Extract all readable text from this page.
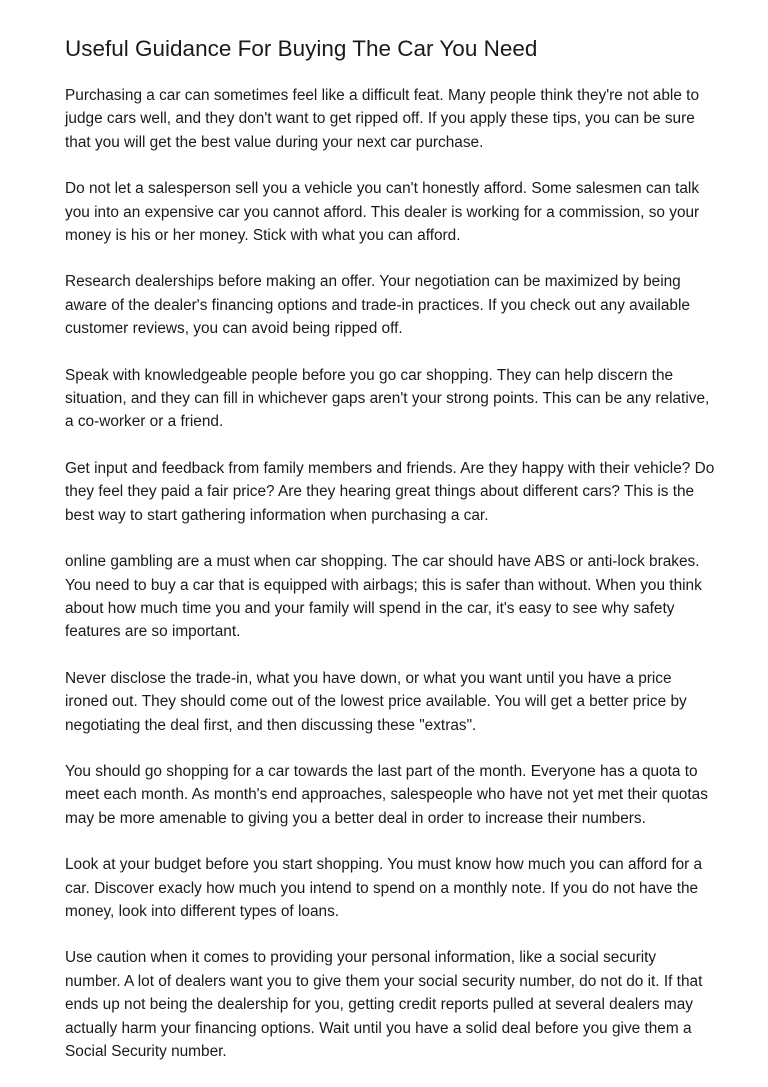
Useful Guidance For Buying The Car You Need

Purchasing a car can sometimes feel like a difficult feat. Many people think they're not able to judge cars well, and they don't want to get ripped off. If you apply these tips, you can be sure that you will get the best value during your next car purchase.

Do not let a salesperson sell you a vehicle you can't honestly afford. Some salesmen can talk you into an expensive car you cannot afford. This dealer is working for a commission, so your money is his or her money. Stick with what you can afford.

Research dealerships before making an offer. Your negotiation can be maximized by being aware of the dealer's financing options and trade-in practices. If you check out any available customer reviews, you can avoid being ripped off.

Speak with knowledgeable people before you go car shopping. They can help discern the situation, and they can fill in whichever gaps aren't your strong points. This can be any relative, a co-worker or a friend.

Get input and feedback from family members and friends. Are they happy with their vehicle? Do they feel they paid a fair price? Are they hearing great things about different cars? This is the best way to start gathering information when purchasing a car.

online gambling are a must when car shopping. The car should have ABS or anti-lock brakes. You need to buy a car that is equipped with airbags; this is safer than without. When you think about how much time you and your family will spend in the car, it's easy to see why safety features are so important.

Never disclose the trade-in, what you have down, or what you want until you have a price ironed out. They should come out of the lowest price available. You will get a better price by negotiating the deal first, and then discussing these "extras".

You should go shopping for a car towards the last part of the month. Everyone has a quota to meet each month. As month's end approaches, salespeople who have not yet met their quotas may be more amenable to giving you a better deal in order to increase their numbers.

Look at your budget before you start shopping. You must know how much you can afford for a car. Discover exacly how much you intend to spend on a monthly note. If you do not have the money, look into different types of loans.

Use caution when it comes to providing your personal information, like a social security number. A lot of dealers want you to give them your social security number, do not do it. If that ends up not being the dealership for you, getting credit reports pulled at several dealers may actually harm your financing options. Wait until you have a solid deal before you give them a Social Security number.
